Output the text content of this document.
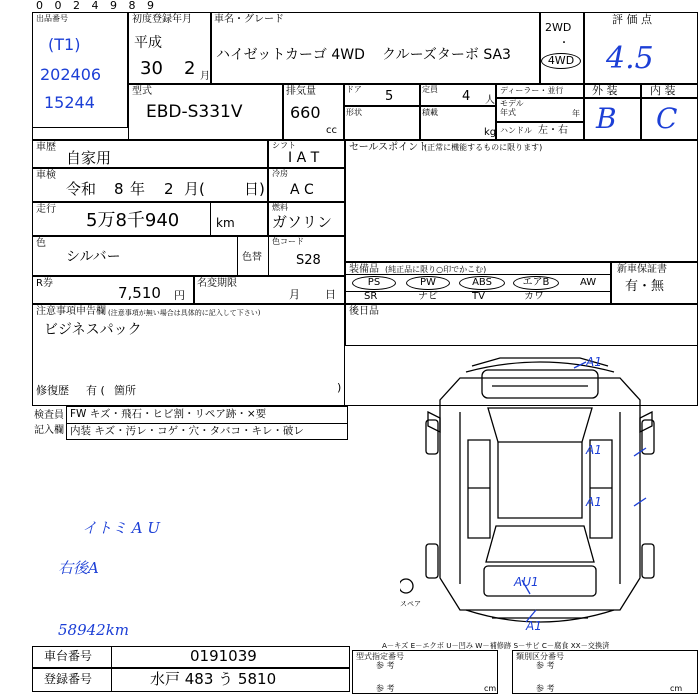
0 0 2 4 9 8 9
出品番号
(T1)
202406
15244
初度登録年月
平成
30 2 月
車名・グレード
ハイゼットカーゴ 4WD クルーズターボ SA3
2WD
・
4WD
評 価 点
4.5
外 装	内 装
B C
型式
EBD-S331V
排気量
660
cc
ドア 5	定員 4 人
形状	積載
kg
ディーラー・並行
モデル
年式	年
ハンドル 左・右
車歴
自家用
シフト
I A T
車検
令和 8 年 2 月(	日)
冷房
A C
走行
5万8千940	km
燃料
ガソリン
色
シルバー	色替
色コード
S28
R券
7,510 円
名変期限
月 日
注意事項申告欄 (注意事項が無い場合は具体的に記入して下さい)
ビジネスパック
修復歴 有 ( 箇所	)
セールスポイント
(正常に機能するものに限ります)
装備品 (純正品に限り○印でかこむ)
PS	PW	ABS	エアB	AW
SR	ナビ	TV	カワ
新車保証書
有・無
後日品
検査員
記入欄
FW キズ・飛石・ヒビ割・リペア跡・×要
内装 キズ・汚レ・コゲ・穴・タバコ・キレ・破レ
イトミ A U
右後A
58942km
A1
A1
A1
AU1
A1
スペア
A－キズ E－エクボ U－凹み W－補修跡 S－サビ C－腐食 XX－交換済
車台番号	0191039
登録番号	水戸 483 う 5810
型式指定番号
参 考
参 考	cm
類別区分番号
参 考
参 考	cm
